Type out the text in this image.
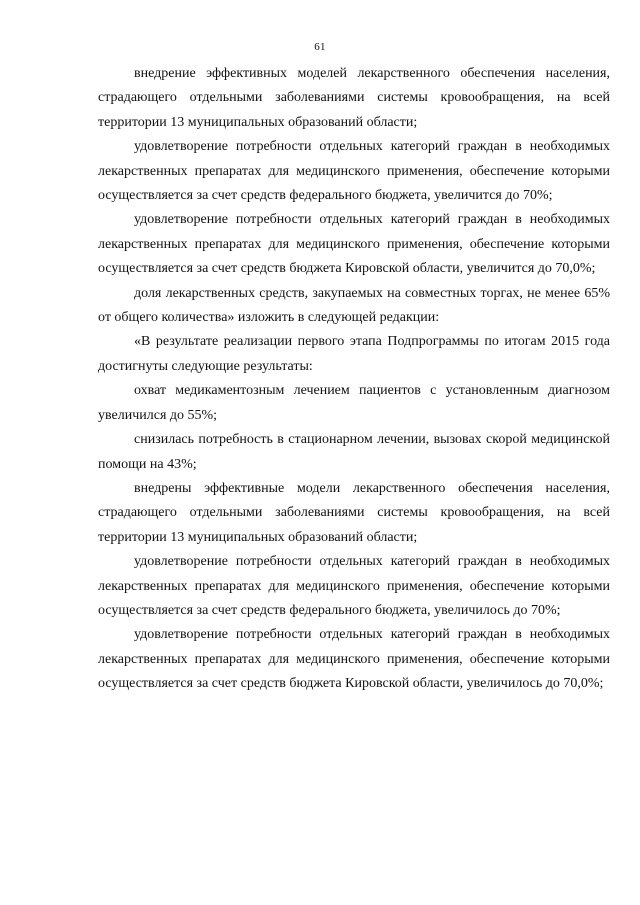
61

внедрение эффективных моделей лекарственного обеспечения населения, страдающего отдельными заболеваниями системы кровообращения, на всей территории 13 муниципальных образований области;

удовлетворение потребности отдельных категорий граждан в необходимых лекарственных препаратах для медицинского применения, обеспечение которыми осуществляется за счет средств федерального бюджета, увеличится до 70%;

удовлетворение потребности отдельных категорий граждан в необходимых лекарственных препаратах для медицинского применения, обеспечение которыми осуществляется за счет средств бюджета Кировской области, увеличится до 70,0%;

доля лекарственных средств, закупаемых на совместных торгах, не менее 65% от общего количества» изложить в следующей редакции:

«В результате реализации первого этапа Подпрограммы по итогам 2015 года достигнуты следующие результаты:

охват медикаментозным лечением пациентов с установленным диагнозом увеличился до 55%;

снизилась потребность в стационарном лечении, вызовах скорой медицинской помощи на 43%;

внедрены эффективные модели лекарственного обеспечения населения, страдающего отдельными заболеваниями системы кровообращения, на всей территории 13 муниципальных образований области;

удовлетворение потребности отдельных категорий граждан в необходимых лекарственных препаратах для медицинского применения, обеспечение которыми осуществляется за счет средств федерального бюджета, увеличилось до 70%;

удовлетворение потребности отдельных категорий граждан в необходимых лекарственных препаратах для медицинского применения, обеспечение которыми осуществляется за счет средств бюджета Кировской области, увеличилось до 70,0%;
